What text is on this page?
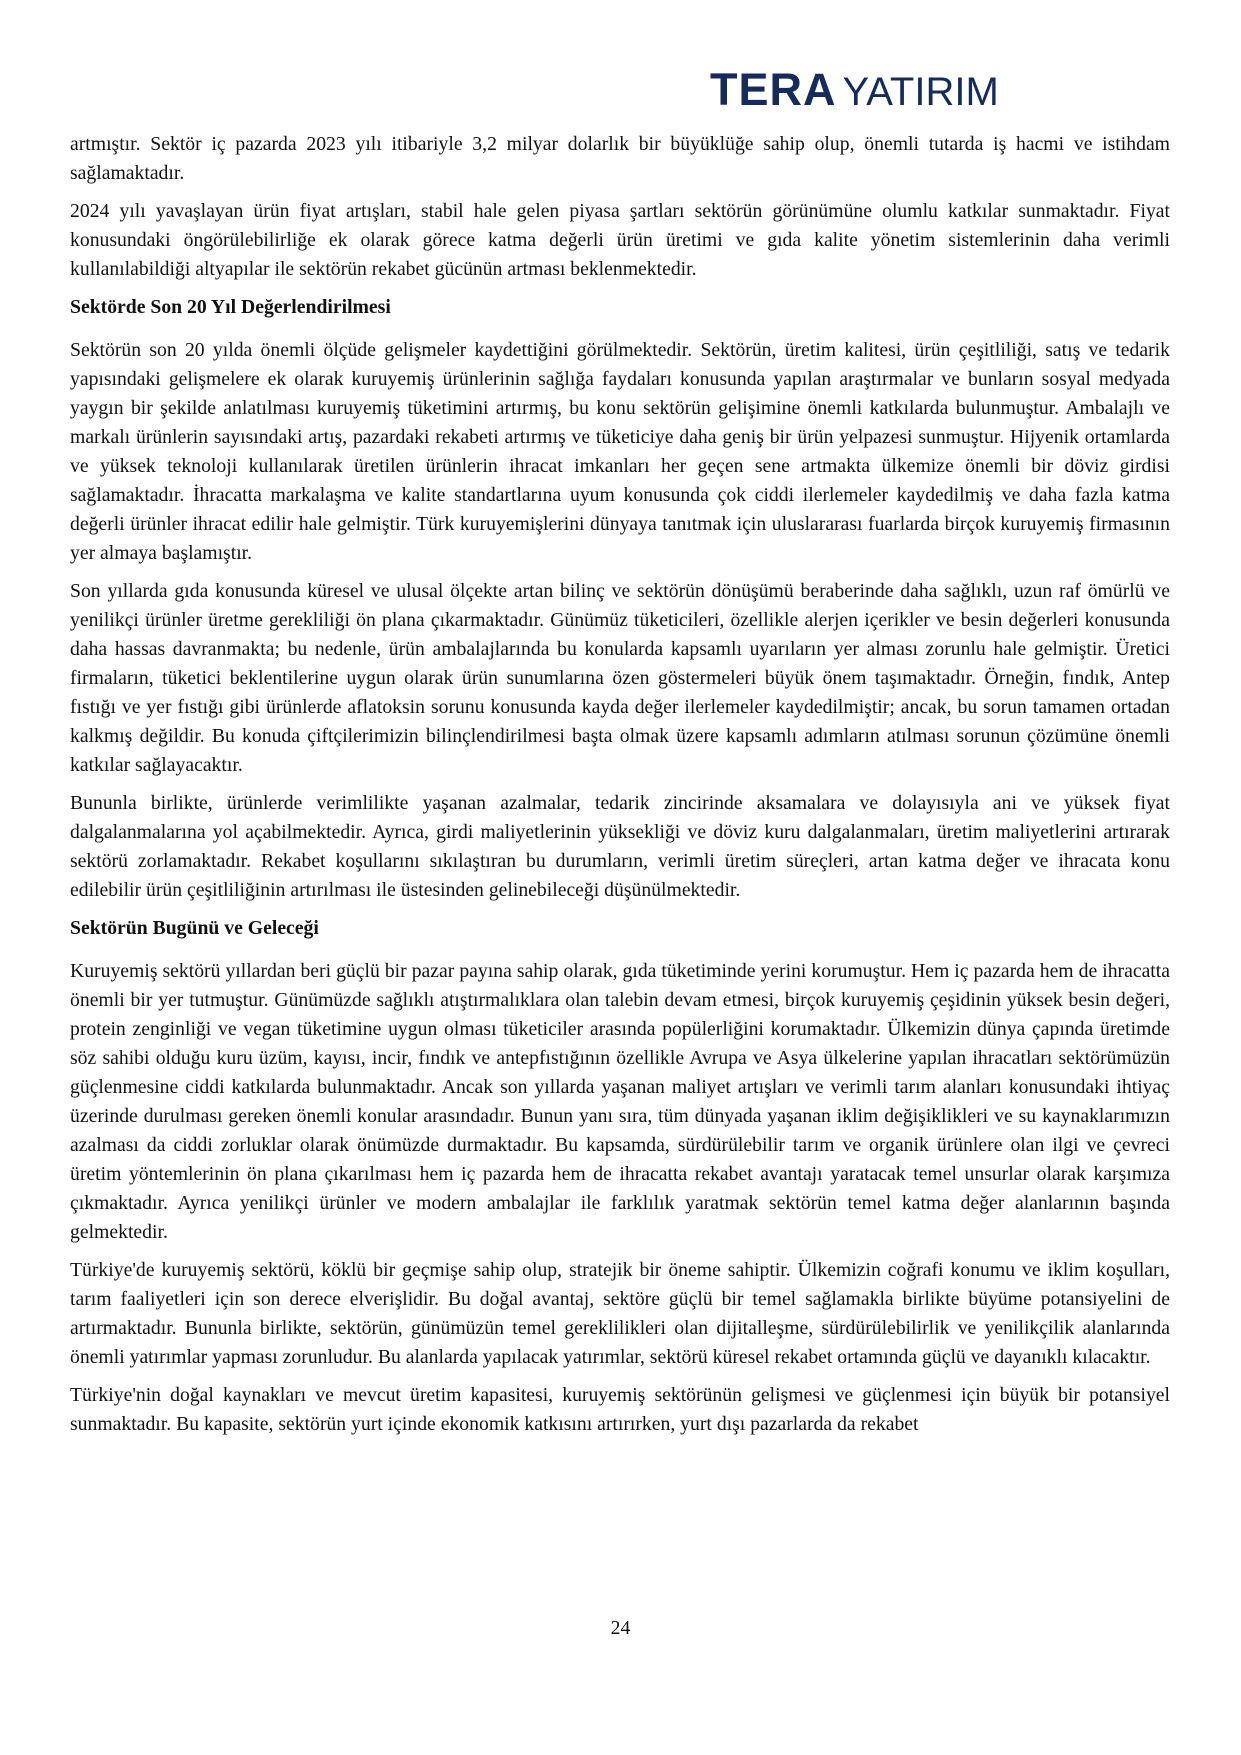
TERA YATIRIM

artmıştır. Sektör iç pazarda 2023 yılı itibariyle 3,2 milyar dolarlık bir büyüklüğe sahip olup, önemli tutarda iş hacmi ve istihdam sağlamaktadır.

2024 yılı yavaşlayan ürün fiyat artışları, stabil hale gelen piyasa şartları sektörün görünümüne olumlu katkılar sunmaktadır. Fiyat konusundaki öngörülebilirliğe ek olarak görece katma değerli ürün üretimi ve gıda kalite yönetim sistemlerinin daha verimli kullanılabildiği altyapılar ile sektörün rekabet gücünün artması beklenmektedir.

Sektörde Son 20 Yıl Değerlendirilmesi

Sektörün son 20 yılda önemli ölçüde gelişmeler kaydettiğini görülmektedir. Sektörün, üretim kalitesi, ürün çeşitliliği, satış ve tedarik yapısındaki gelişmelere ek olarak kuruyemiş ürünlerinin sağlığa faydaları konusunda yapılan araştırmalar ve bunların sosyal medyada yaygın bir şekilde anlatılması kuruyemiş tüketimini artırmış, bu konu sektörün gelişimine önemli katkılarda bulunmuştur. Ambalajlı ve markalı ürünlerin sayısındaki artış, pazardaki rekabeti artırmış ve tüketiciye daha geniş bir ürün yelpazesi sunmuştur. Hijyenik ortamlarda ve yüksek teknoloji kullanılarak üretilen ürünlerin ihracat imkanları her geçen sene artmakta ülkemize önemli bir döviz girdisi sağlamaktadır. İhracatta markalaşma ve kalite standartlarına uyum konusunda çok ciddi ilerlemeler kaydedilmiş ve daha fazla katma değerli ürünler ihracat edilir hale gelmiştir. Türk kuruyemişlerini dünyaya tanıtmak için uluslararası fuarlarda birçok kuruyemiş firmasının yer almaya başlamıştır.

Son yıllarda gıda konusunda küresel ve ulusal ölçekte artan bilinç ve sektörün dönüşümü beraberinde daha sağlıklı, uzun raf ömürlü ve yenilikçi ürünler üretme gerekliliği ön plana çıkarmaktadır. Günümüz tüketicileri, özellikle alerjen içerikler ve besin değerleri konusunda daha hassas davranmakta; bu nedenle, ürün ambalajlarında bu konularda kapsamlı uyarıların yer alması zorunlu hale gelmiştir. Üretici firmaların, tüketici beklentilerine uygun olarak ürün sunumlarına özen göstermeleri büyük önem taşımaktadır. Örneğin, fındık, Antep fıstığı ve yer fıstığı gibi ürünlerde aflatoksin sorunu konusunda kayda değer ilerlemeler kaydedilmiştir; ancak, bu sorun tamamen ortadan kalkmış değildir. Bu konuda çiftçilerimizin bilinçlendirilmesi başta olmak üzere kapsamlı adımların atılması sorunun çözümüne önemli katkılar sağlayacaktır.

Bununla birlikte, ürünlerde verimlilikte yaşanan azalmalar, tedarik zincirinde aksamalara ve dolayısıyla ani ve yüksek fiyat dalgalanmalarına yol açabilmektedir. Ayrıca, girdi maliyetlerinin yüksekliği ve döviz kuru dalgalanmaları, üretim maliyetlerini artırarak sektörü zorlamaktadır. Rekabet koşullarını sıkılaştıran bu durumların, verimli üretim süreçleri, artan katma değer ve ihracata konu edilebilir ürün çeşitliliğinin artırılması ile üstesinden gelinebileceği düşünülmektedir.

Sektörün Bugünü ve Geleceği

Kuruyemiş sektörü yıllardan beri güçlü bir pazar payına sahip olarak, gıda tüketiminde yerini korumuştur. Hem iç pazarda hem de ihracatta önemli bir yer tutmuştur. Günümüzde sağlıklı atıştırmalıklara olan talebin devam etmesi, birçok kuruyemiş çeşidinin yüksek besin değeri, protein zenginliği ve vegan tüketimine uygun olması tüketiciler arasında popülerliğini korumaktadır. Ülkemizin dünya çapında üretimde söz sahibi olduğu kuru üzüm, kayısı, incir, fındık ve antepfıstığının özellikle Avrupa ve Asya ülkelerine yapılan ihracatları sektörümüzün güçlenmesine ciddi katkılarda bulunmaktadır. Ancak son yıllarda yaşanan maliyet artışları ve verimli tarım alanları konusundaki ihtiyaç üzerinde durulması gereken önemli konular arasındadır. Bunun yanı sıra, tüm dünyada yaşanan iklim değişiklikleri ve su kaynaklarımızın azalması da ciddi zorluklar olarak önümüzde durmaktadır. Bu kapsamda, sürdürülebilir tarım ve organik ürünlere olan ilgi ve çevreci üretim yöntemlerinin ön plana çıkarılması hem iç pazarda hem de ihracatta rekabet avantajı yaratacak temel unsurlar olarak karşımıza çıkmaktadır. Ayrıca yenilikçi ürünler ve modern ambalajlar ile farklılık yaratmak sektörün temel katma değer alanlarının başında gelmektedir.

Türkiye'de kuruyemiş sektörü, köklü bir geçmişe sahip olup, stratejik bir öneme sahiptir. Ülkemizin coğrafi konumu ve iklim koşulları, tarım faaliyetleri için son derece elverişlidir. Bu doğal avantaj, sektöre güçlü bir temel sağlamakla birlikte büyüme potansiyelini de artırmaktadır. Bununla birlikte, sektörün, günümüzün temel gereklilikleri olan dijitalleşme, sürdürülebilirlik ve yenilikçilik alanlarında önemli yatırımlar yapması zorunludur. Bu alanlarda yapılacak yatırımlar, sektörü küresel rekabet ortamında güçlü ve dayanıklı kılacaktır.

Türkiye'nin doğal kaynakları ve mevcut üretim kapasitesi, kuruyemiş sektörünün gelişmesi ve güçlenmesi için büyük bir potansiyel sunmaktadır. Bu kapasite, sektörün yurt içinde ekonomik katkısını artırırken, yurt dışı pazarlarda da rekabet

24
